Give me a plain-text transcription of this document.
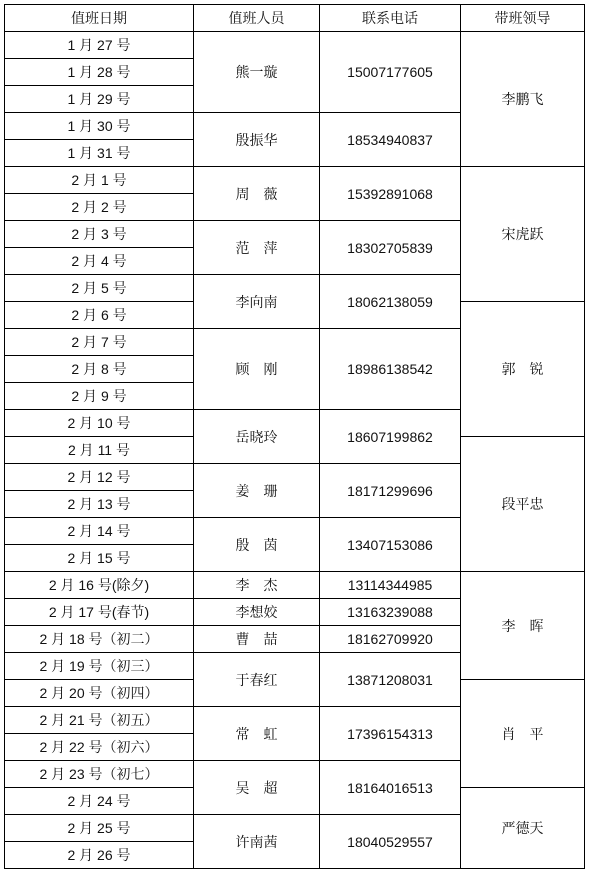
值班日期	值班人员	联系电话	带班领导
1 月 27 号	熊一璇	15007177605	李鹏飞
1 月 28 号			
1 月 29 号			
1 月 30 号	殷振华	18534940837	
1 月 31 号			
2 月 1 号	周　薇	15392891068	宋虎跃
2 月 2 号			
2 月 3 号	范　萍	18302705839	
2 月 4 号			
2 月 5 号	李向南	18062138059	
2 月 6 号			郭　锐
2 月 7 号	顾　刚	18986138542	
2 月 8 号			
2 月 9 号			
2 月 10 号	岳晓玲	18607199862	
2 月 11 号			段平忠
2 月 12 号	姜　珊	18171299696	
2 月 13 号			
2 月 14 号	殷　茵	13407153086	
2 月 15 号			
2 月 16 号(除夕)	李　杰	13114344985	李　晖
2 月 17 号(春节)	李想姣	13163239088	
2 月 18 号（初二）	曹　喆	18162709920	
2 月 19 号（初三）	于春红	13871208031	
2 月 20 号（初四）			肖　平
2 月 21 号（初五）	常　虹	17396154313	
2 月 22 号（初六）			
2 月 23 号（初七）	吴　超	18164016513	
2 月 24 号			严德天
2 月 25 号	许南茜	18040529557	
2 月 26 号			
